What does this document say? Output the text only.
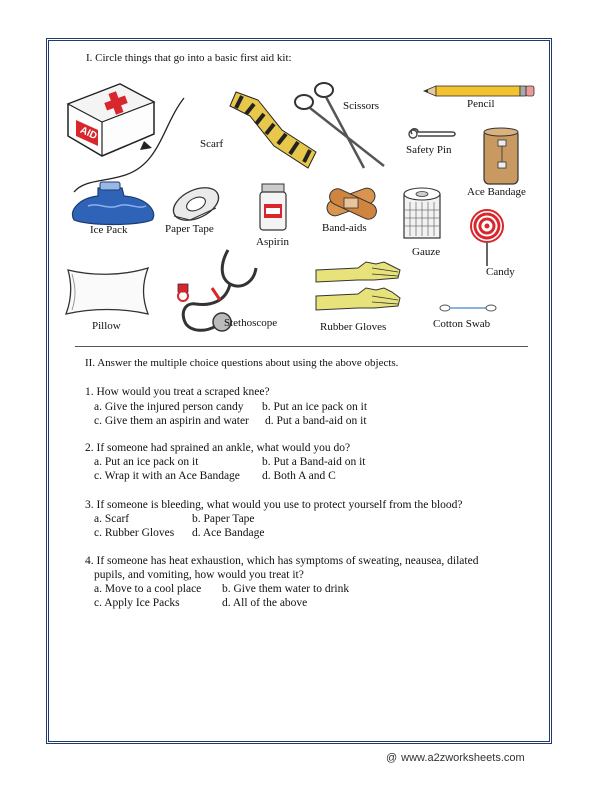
I. Circle things that go into a basic first aid kit:
AID
Scarf
Scissors	Pencil
Safety Pin
Ace Bandage
Ice Pack	Paper Tape
Aspirin
Band-aids
Gauze
Candy
Pillow	Stethoscope	Rubber Gloves	Cotton Swab
II. Answer the multiple choice questions about using the above objects.
1. How would you treat a scraped knee?
a. Give the injured person candy b. Put an ice pack on it
c. Give them an aspirin and water d. Put a band-aid on it
2. If someone had sprained an ankle, what would you do?
a. Put an ice pack on it	b. Put a Band-aid on it
c. Wrap it with an Ace Bandage d. Both A and C
3. If someone is bleeding, what would you use to protect yourself from the blood?
a. Scarf	b. Paper Tape
c. Rubber Gloves d. Ace Bandage
4. If someone has heat exhaustion, which has symptoms of sweating, neausea, dilated
pupils, and vomiting, how would you treat it?
a. Move to a cool place b. Give them water to drink
c. Apply Ice Packs	d. All of the above
@ www.a2zworksheets.com
